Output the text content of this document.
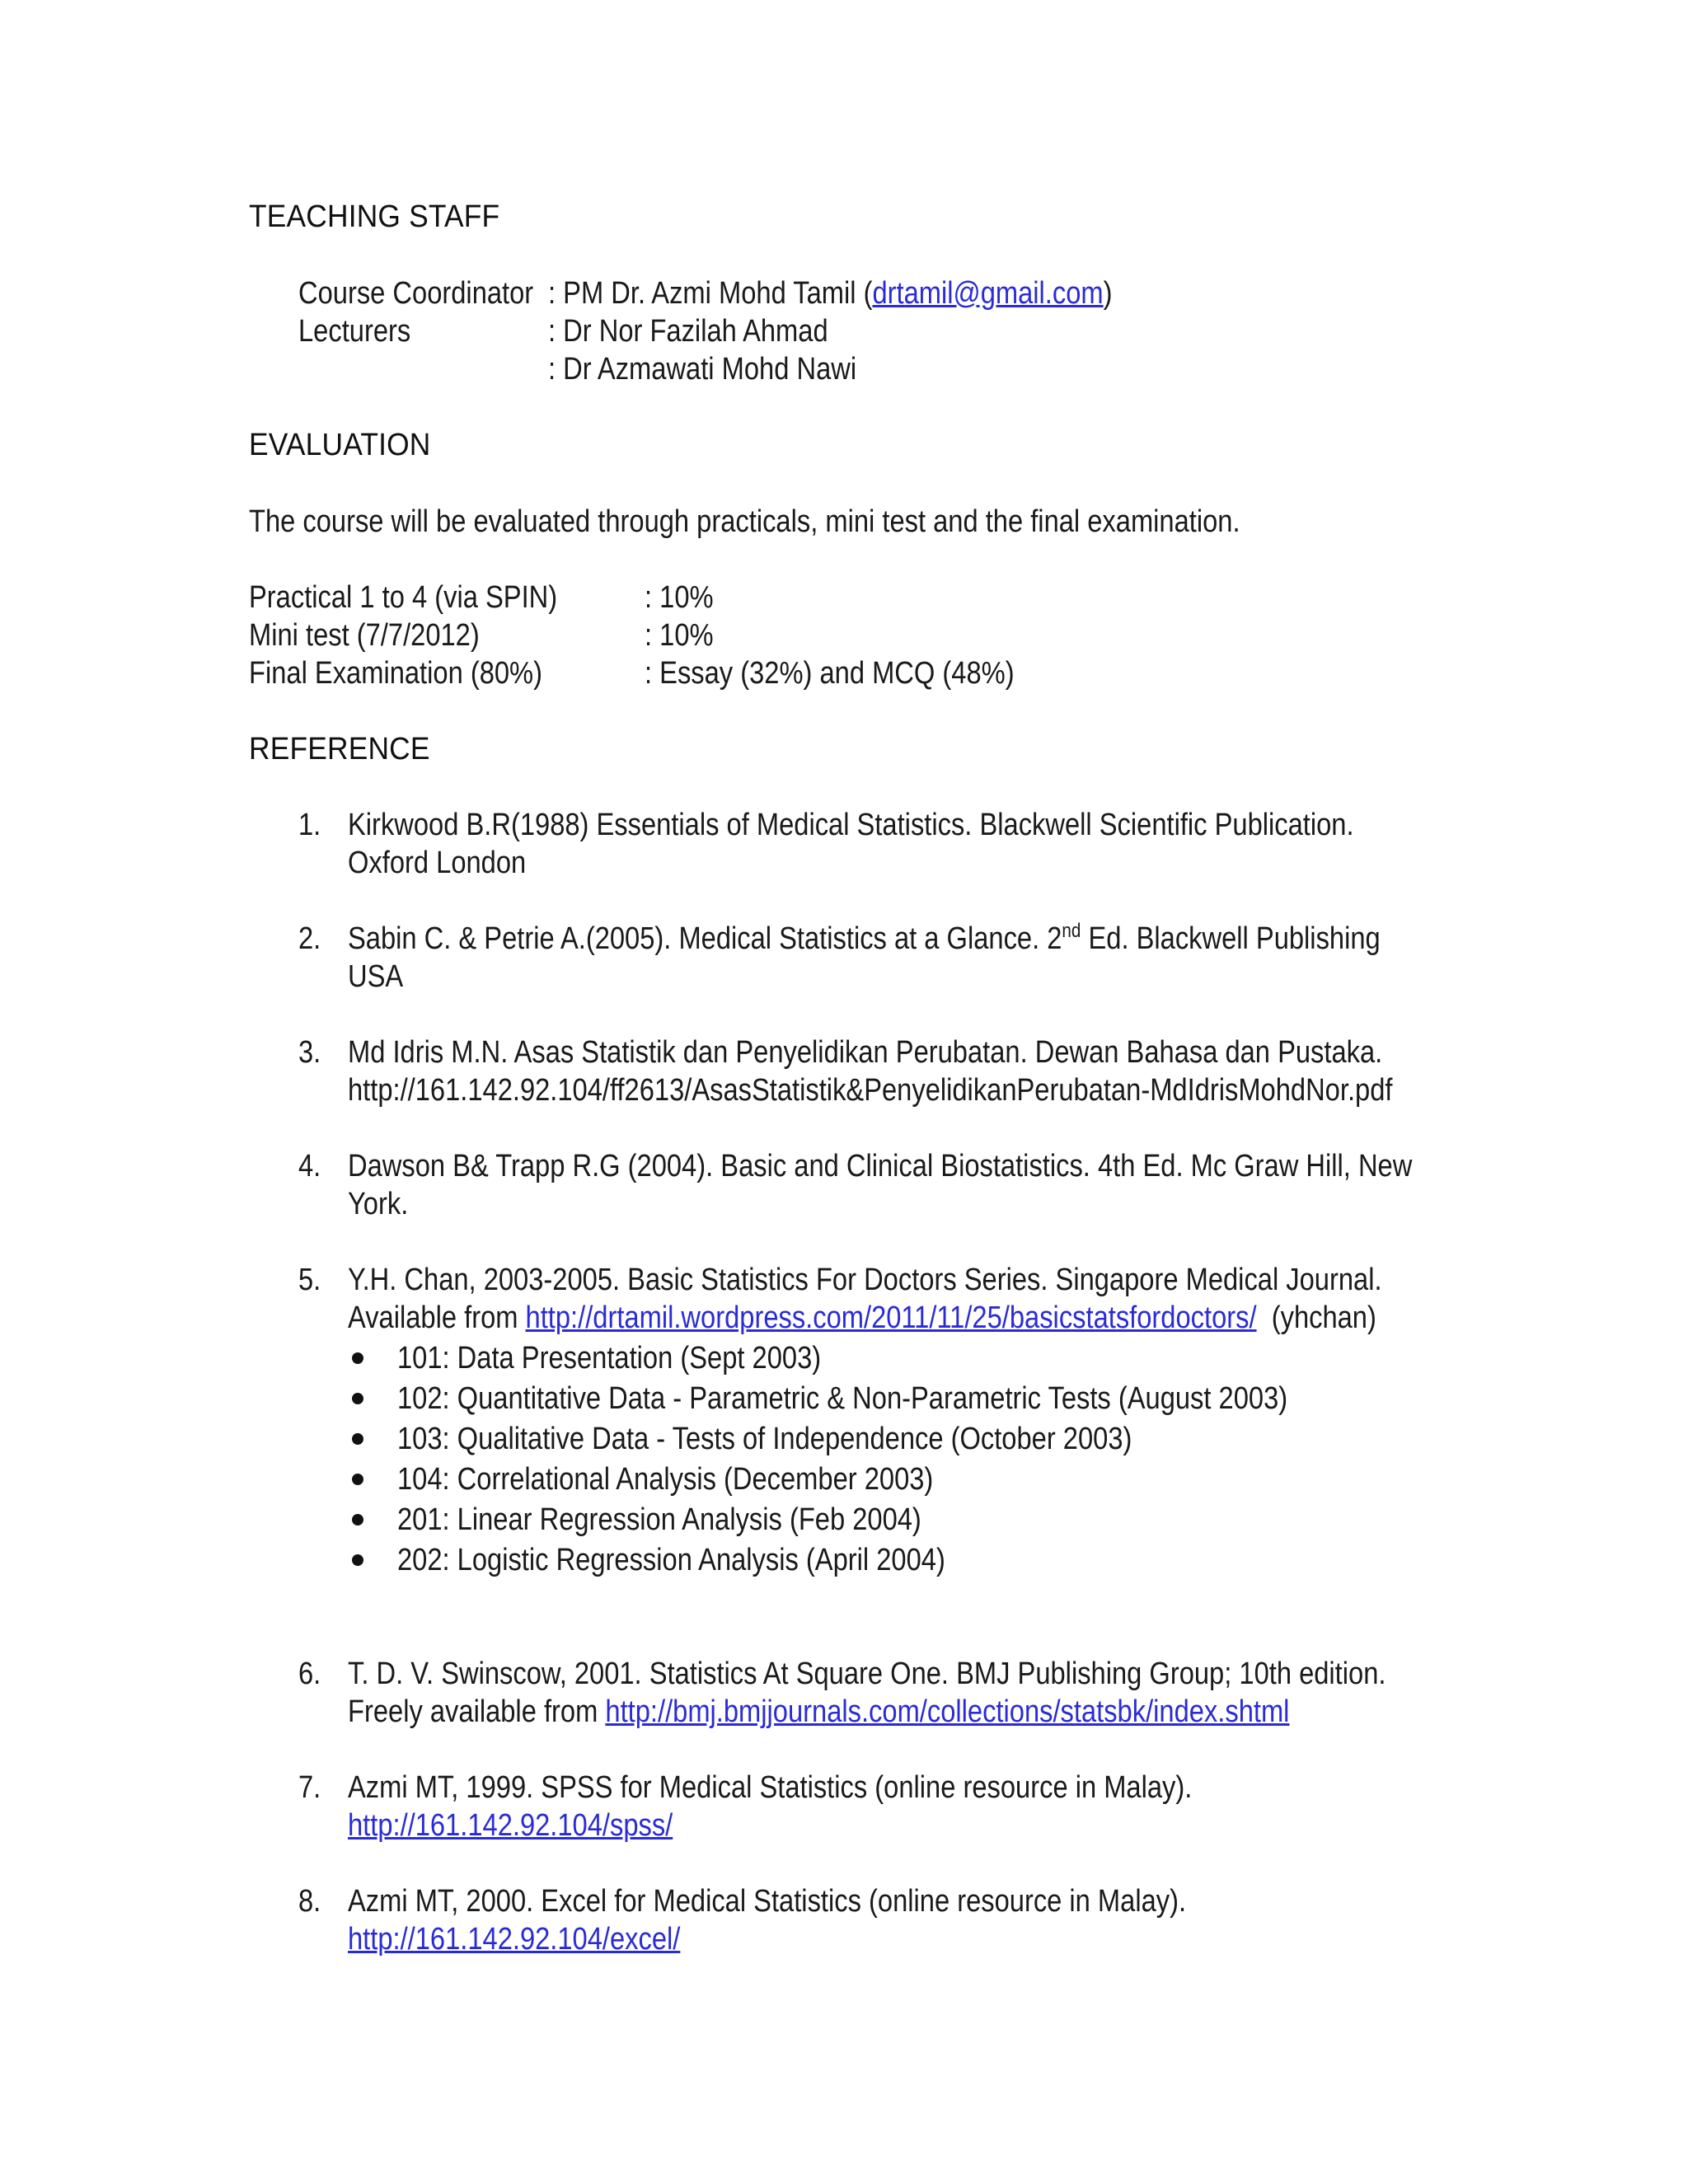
TEACHING STAFF
Course Coordinator : PM Dr. Azmi Mohd Tamil (drtamil@gmail.com)
Lecturers	: Dr Nor Fazilah Ahmad
: Dr Azmawati Mohd Nawi
EVALUATION
The course will be evaluated through practicals, mini test and the final examination.
Practical 1 to 4 (via SPIN)	: 10%
Mini test (7/7/2012)	: 10%
Final Examination (80%)	: Essay (32%) and MCQ (48%)
REFERENCE
1. Kirkwood B.R(1988) Essentials of Medical Statistics. Blackwell Scientific Publication.
Oxford London
2. Sabin C. & Petrie A.(2005). Medical Statistics at a Glance. 2nd Ed. Blackwell Publishing
USA
3. Md Idris M.N. Asas Statistik dan Penyelidikan Perubatan. Dewan Bahasa dan Pustaka.
http://161.142.92.104/ff2613/AsasStatistik&PenyelidikanPerubatan-MdIdrisMohdNor.pdf
4. Dawson B& Trapp R.G (2004). Basic and Clinical Biostatistics. 4th Ed. Mc Graw Hill, New
York.
5. Y.H. Chan, 2003-2005. Basic Statistics For Doctors Series. Singapore Medical Journal.
Available from http://drtamil.wordpress.com/2011/11/25/basicstatsfordoctors/  (yhchan)
101: Data Presentation (Sept 2003)
102: Quantitative Data - Parametric & Non-Parametric Tests (August 2003)
103: Qualitative Data - Tests of Independence (October 2003)
104: Correlational Analysis (December 2003)
201: Linear Regression Analysis (Feb 2004)
202: Logistic Regression Analysis (April 2004)
6. T. D. V. Swinscow, 2001. Statistics At Square One. BMJ Publishing Group; 10th edition.
Freely available from http://bmj.bmjjournals.com/collections/statsbk/index.shtml
7. Azmi MT, 1999. SPSS for Medical Statistics (online resource in Malay).
http://161.142.92.104/spss/
8. Azmi MT, 2000. Excel for Medical Statistics (online resource in Malay).
http://161.142.92.104/excel/
